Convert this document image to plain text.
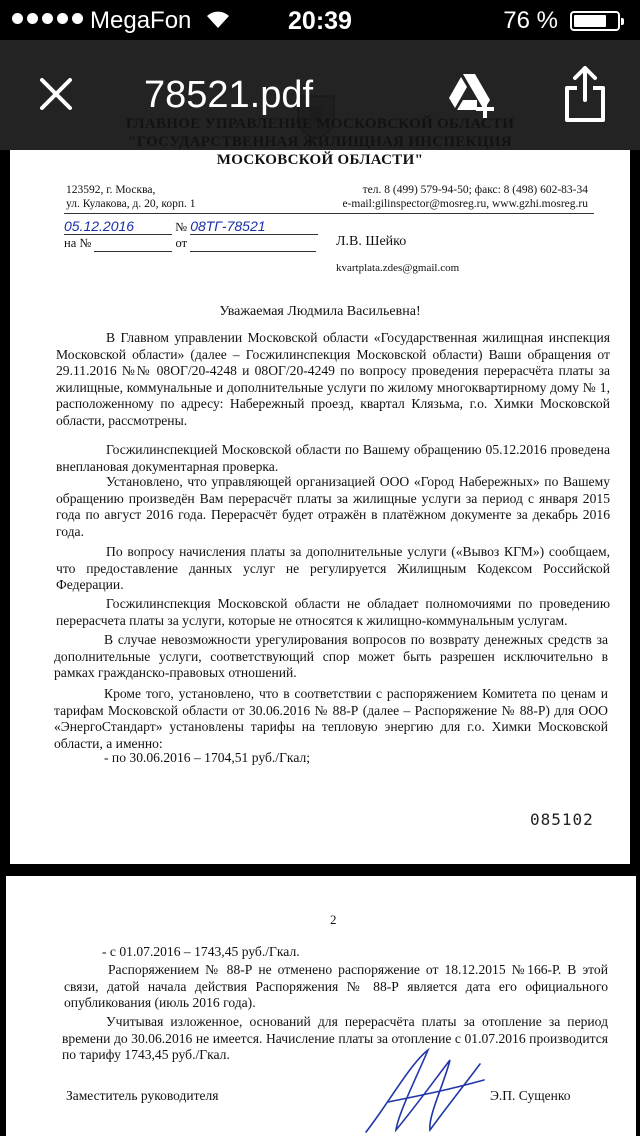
MegaFon	20:39	76 %
78521.pdf
МОСКОВСКОЙ ОБЛАСТИ"
123592, г. Москва,
ул. Кулакова, д. 20, корп. 1
тел. 8 (499) 579-94-50; факс: 8 (498) 602-83-34
e-mail:gilinspector@mosreg.ru, www.gzhi.mosreg.ru
05.12.2016	№ 08ТГ-78521
на №	от	Л.В. Шейко
kvartplata.zdes@gmail.com
Уважаемая Людмила Васильевна!

В Главном управлении Московской области «Государственная жилищная инспекция Московской области» (далее – Госжилинспекция Московской области) Ваши обращения от 29.11.2016 №№ 08ОГ/20-4248 и 08ОГ/20-4249 по вопросу проведения перерасчёта платы за жилищные, коммунальные и дополнительные услуги по жилому многоквартирному дому № 1, расположенному по адресу: Набережный проезд, квартал Клязьма, г.о. Химки Московской области, рассмотрены.

Госжилинспекцией Московской области по Вашему обращению 05.12.2016 проведена внеплановая документарная проверка.

Установлено, что управляющей организацией ООО «Город Набережных» по Вашему обращению произведён Вам перерасчёт платы за жилищные услуги за период с января 2015 года по август 2016 года. Перерасчёт будет отражён в платёжном документе за декабрь 2016 года.

По вопросу начисления платы за дополнительные услуги («Вывоз КГМ») сообщаем, что предоставление данных услуг не регулируется Жилищным Кодексом Российской Федерации.

Госжилинспекция Московской области не обладает полномочиями по проведению перерасчета платы за услуги, которые не относятся к жилищно-коммунальным услугам.

В случае невозможности урегулирования вопросов по возврату денежных средств за дополнительные услуги, соответствующий спор может быть разрешен исключительно в рамках гражданско-правовых отношений.

Кроме того, установлено, что в соответствии с распоряжением Комитета по ценам и тарифам Московской области от 30.06.2016 № 88-Р (далее – Распоряжение № 88-Р) для ООО «ЭнергоСтандарт» установлены тарифы на тепловую энергию для г.о. Химки Московской области, а именно:

- по 30.06.2016 – 1704,51 руб./Гкал;

085102
2

- с 01.07.2016 – 1743,45 руб./Гкал.

Распоряжением № 88-Р не отменено распоряжение от 18.12.2015 №166-Р. В этой связи, датой начала действия Распоряжения № 88-Р является дата его официального опубликования (июль 2016 года).

Учитывая изложенное, оснований для перерасчёта платы за отопление за период времени до 30.06.2016 не имеется. Начисление платы за отопление с 01.07.2016 производится по тарифу 1743,45 руб./Гкал.

Заместитель руководителя	Э.П. Сущенко
